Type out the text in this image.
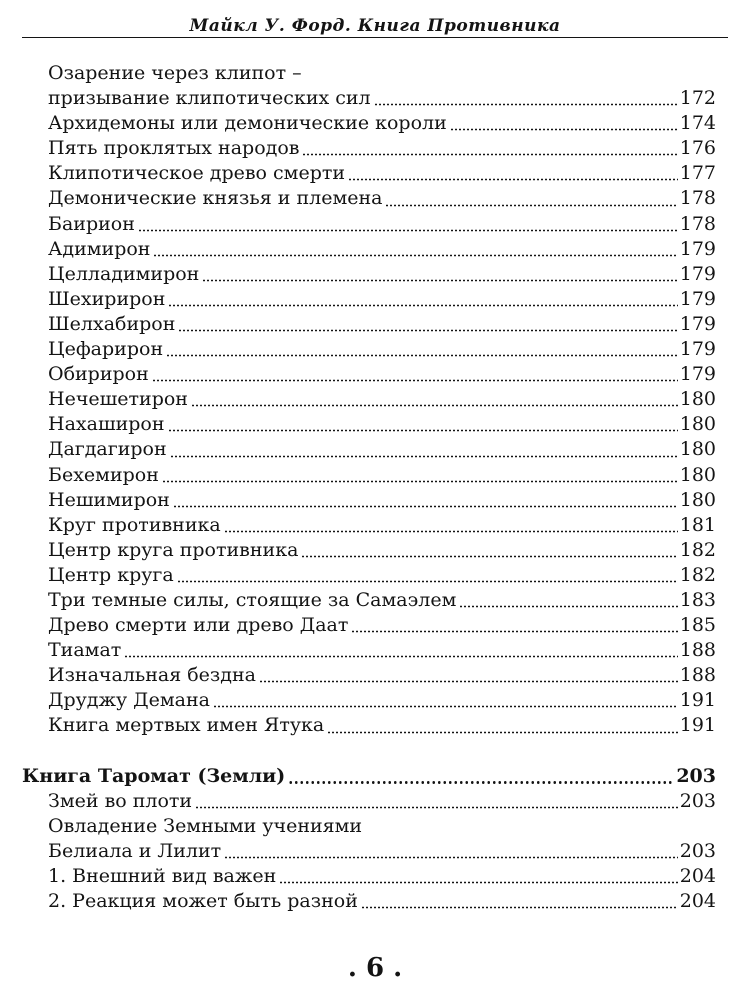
Майкл У. Форд. Книга Противника
Озарение через клипот –
призывание клипотических сил	172
Архидемоны или демонические короли	174
Пять проклятых народов	176
Клипотическое древо смерти	177
Демонические князья и племена	178
Баирион	178
Адимирон	179
Целладимирон	179
Шехирирон	179
Шелхабирон	179
Цефарирон	179
Обирирон	179
Нечешетирон	180
Нахаширон	180
Дагдагирон	180
Бехемирон	180
Нешимирон	180
Круг противника	181
Центр круга противника	182
Центр круга	182
Три темные силы, стоящие за Самаэлем	183
Древо смерти или древо Даат	185
Тиамат	188
Изначальная бездна	188
Друджу Демана	191
Книга мертвых имен Ятука	191
Книга Таромат (Земли)	203
Змей во плоти	203
Овладение Земными учениями
Белиала и Лилит	203
1. Внешний вид важен	204
2. Реакция может быть разной	204
. 6 .
